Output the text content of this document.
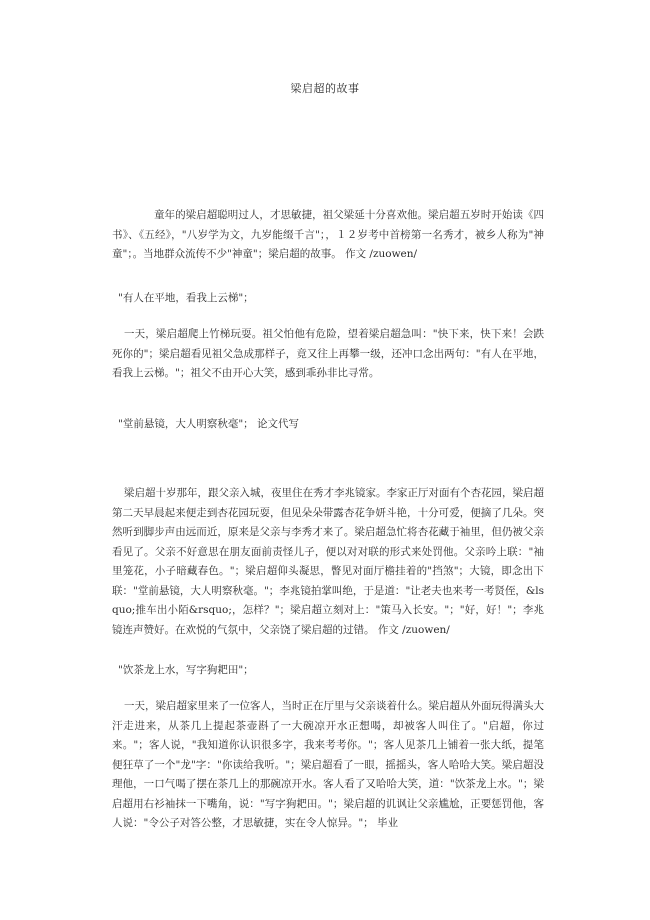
梁启超的故事

童年的梁启超聪明过人，才思敏捷，祖父梁延十分喜欢他。梁启超五岁时开始读《四书》、《五经》，"八岁学为文，九岁能缀千言"；，１２岁考中首榜第一名秀才，被乡人称为"神童"；。当地群众流传不少"神童"；梁启超的故事。 作文 /zuowen/

"有人在平地，看我上云梯"；

一天，梁启超爬上竹梯玩耍。祖父怕他有危险，望着梁启超急叫："快下来，快下来！会跌死你的"；梁启超看见祖父急成那样子，竟又往上再攀一级，还冲口念出两句："有人在平地，看我上云梯。"；祖父不由开心大笑，感到乖孙非比寻常。

"堂前悬镜，大人明察秋毫"； 论文代写

梁启超十岁那年，跟父亲入城，夜里住在秀才李兆镜家。李家正厅对面有个杏花园，梁启超第二天早晨起来便走到杏花园玩耍，但见朵朵带露杏花争妍斗艳，十分可爱，便摘了几朵。突然听到脚步声由远而近，原来是父亲与李秀才来了。梁启超急忙将杏花藏于袖里，但仍被父亲看见了。父亲不好意思在朋友面前责怪儿子，便以对对联的形式来处罚他。父亲吟上联："袖里笼花，小子暗藏春色。"；梁启超仰头凝思，瞥见对面厅檐挂着的"挡煞"；大镜，即念出下联："堂前悬镜，大人明察秋毫。"；李兆镜拍掌叫绝，于是道："让老夫也来考一考贤侄，&lsquo;推车出小陌&rsquo;，怎样？"；梁启超立刻对上："策马入长安。"；"好，好！"；李兆镜连声赞好。在欢悦的气氛中，父亲饶了梁启超的过错。 作文 /zuowen/

"饮茶龙上水，写字狗耙田"；

一天，梁启超家里来了一位客人，当时正在厅里与父亲谈着什么。梁启超从外面玩得满头大汗走进来，从茶几上提起茶壶斟了一大碗凉开水正想喝，却被客人叫住了。"启超，你过来。"；客人说，"我知道你认识很多字，我来考考你。"；客人见茶几上铺着一张大纸，提笔便狂草了一个"龙"字："你读给我听。"；梁启超看了一眼，摇摇头，客人哈哈大笑。梁启超没理他，一口气喝了摆在茶几上的那碗凉开水。客人看了又哈哈大笑，道："饮茶龙上水。"；梁启超用右衫袖抹一下嘴角，说："写字狗耙田。"；梁启超的讥讽让父亲尴尬，正要惩罚他，客人说："令公子对答公整，才思敏捷，实在令人惊异。"； 毕业
